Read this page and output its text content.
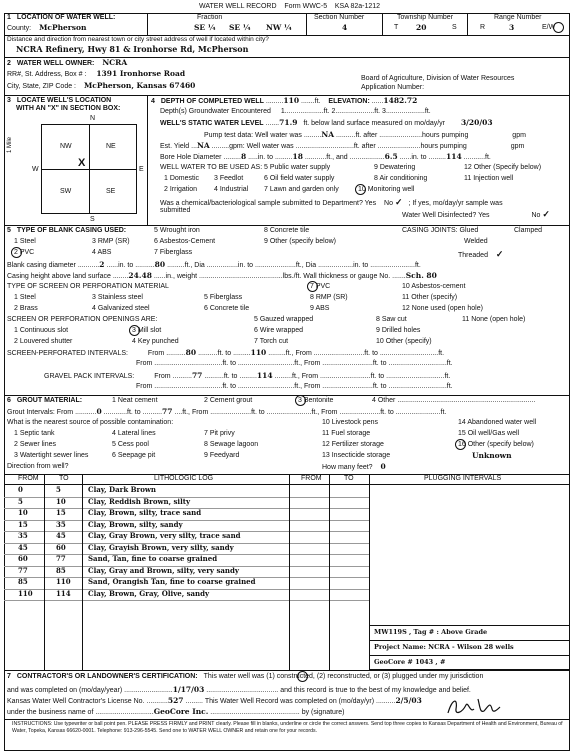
WATER WELL RECORD Form WWC-5 KSA 82a-1212
1 LOCATION OF WATER WELL:
County: McPherson
Fraction
SE ¼ SE ¼ NW ¼
Section Number
4
Township Number
T 20	S
Range Number
R	3	E/W
Distance and direction from nearest town or city street address of well if located within city?
NCRA Refinery, Hwy 81 & Ironhorse Rd, McPherson
2 WATER WELL OWNER: NCRA
RR#, St. Address, Box # : 1391 Ironhorse Road
City, State, ZIP Code : McPherson, Kansas 67460
Board of Agriculture, Division of Water Resources
Application Number:
3 LOCATE WELL'S LOCATION
WITH AN "X" IN SECTION BOX:
N
S
W	E
1 Mile	NW	NE
SW	SE
X
4 DEPTH OF COMPLETED WELL .........110 .......ft. ELEVATION: ......1482.72
Depth(s) Groundwater Encountered 1....................ft. 2....................ft. 3....................ft.
WELL'S STATIC WATER LEVEL .......71.9 ft. below land surface measured on mo/day/yr 3/20/03
Pump test data: Well water was .........NA ..........ft. after ......................hours pumping	gpm
Est. Yield ...NA .........gpm: Well water was ..............................ft. after ......................hours pumping	gpm
Bore Hole Diameter .........8 .....in. to .........18 ...........ft., and ..................6.5 ......in. to .........114 ...........ft.
WELL WATER TO BE USED AS:
1 Domestic 3 Feedlot	6 Oil field water supply	8 Air conditioning	11 Injection well
2 Irrigation 4 Industrial 7 Lawn and garden only	10 Monitoring well
5 Public water supply	9 Dewatering	12 Other (Specify below)
Was a chemical/bacteriological sample submitted to Department? Yes No ✓ ; If yes, mo/day/yr sample was
submitted
Water Well Disinfected? Yes	No ✓
5 TYPE OF BLANK CASING USED:
1 Steel
2 PVC
3 RMP (SR)
4 ABS
5 Wrought iron
6 Asbestos-Cement
7 Fiberglass
8 Concrete tile
9 Other (specify below)
CASING JOINTS: Glued	Clamped
Welded
Threaded ✓
Blank casing diameter ...........2 ......in. to ..........80 .........ft., Dia ................in. to .....................ft., Dia ..................in. to .......................ft.
Casing height above land surface ........24.48 ......in., weight ...........................................lbs./ft. Wall thickness or gauge No. .......Sch. 80
TYPE OF SCREEN OR PERFORATION MATERIAL
1 Steel
2 Brass
3 Stainless steel
4 Galvanized steel
5 Fiberglass
6 Concrete tile
7 PVC
8 RMP (SR)
9 ABS
10 Asbestos-cement
11 Other (specify)
12 None used (open hole)
SCREEN OR PERFORATION OPENINGS ARE:
1 Continuous slot
2 Louvered shutter
3 Mill slot
4 Key punched
5 Gauzed wrapped
6 Wire wrapped
7 Torch cut
8 Saw cut
9 Drilled holes
10 Other (specify)
11 None (open hole)
SCREEN-PERFORATED INTERVALS:	From ..........80 ..........ft. to .........110 .........ft., From ..........................ft. to ..............................ft.
From ...................................ft. to .............................ft., From ..........................ft. to ..............................ft.
GRAVEL PACK INTERVALS:	From ..........77 ..........ft. to .........114 .........ft., From ..........................ft. to ..............................ft.
From ...................................ft. to .............................ft., From ..........................ft. to ..............................ft.
6 GROUT MATERIAL:	1 Neat cement	2 Cement grout	3 Bentonite	4 Other .......................................................................
Grout Intervals: From ...........0 ............ft. to ..........77 ....ft., From .....................ft. to .......................ft., From .....................ft. to .......................ft.
What is the nearest source of possible contamination:
1 Septic tank
2 Sewer lines
3 Watertight sewer lines
4 Lateral lines
5 Cess pool
6 Seepage pit
7 Pit privy
8 Sewage lagoon
9 Feedyard
10 Livestock pens
11 Fuel storage
12 Fertilizer storage
13 Insecticide storage
14 Abandoned water well
15 Oil well/Gas well
16 Other (specify below)
Unknown
Direction from well?	How many feet? 0
FROM	TO	LITHOLOGIC LOG	FROM	TO	PLUGGING INTERVALS
0	5	Clay, Dark Brown
5	10	Clay, Reddish Brown, silty
10	15	Clay, Brown, silty, trace sand
15	35	Clay, Brown, silty, sandy
35	45	Clay, Gray Brown, very silty, trace sand
45	60	Clay, Grayish Brown, very silty, sandy
60	77	Sand, Tan, fine to coarse grained
77	85	Clay, Gray and Brown, silty, very sandy
85	110 Sand, Orangish Tan, fine to coarse grained
110	114 Clay, Brown, Gray, Olive, sandy
MW119S , Tag # : Above Grade
Project Name: NCRA - Wilson 28 wells
GeoCore # 1043 , #
7 CONTRACTOR'S OR LANDOWNER'S CERTIFICATION: This water well was (1) constructed, (2) reconstructed, or (3) plugged under my jurisdiction
and was completed on (mo/day/year) .........................1/17/03 ..................................... and this record is true to the best of my knowledge and belief.
Kansas Water Well Contractor's License No. ...........527 ......... This Water Well Record was completed on (mo/day/yr) ..........2/5/03
under the business name of ..............................GeoCore Inc. .............................................. by (signature)
INSTRUCTIONS: Use typewriter or ball point pen. PLEASE PRESS FIRMLY and PRINT clearly. Please fill in blanks, underline or circle the correct answers. Send top three copies to Kansas Department of Health and Environment, Bureau of Water, Topeka, Kansas 66620-0001. Telephone: 913-296-5545. Send one to WATER WELL OWNER and retain one for your records.
